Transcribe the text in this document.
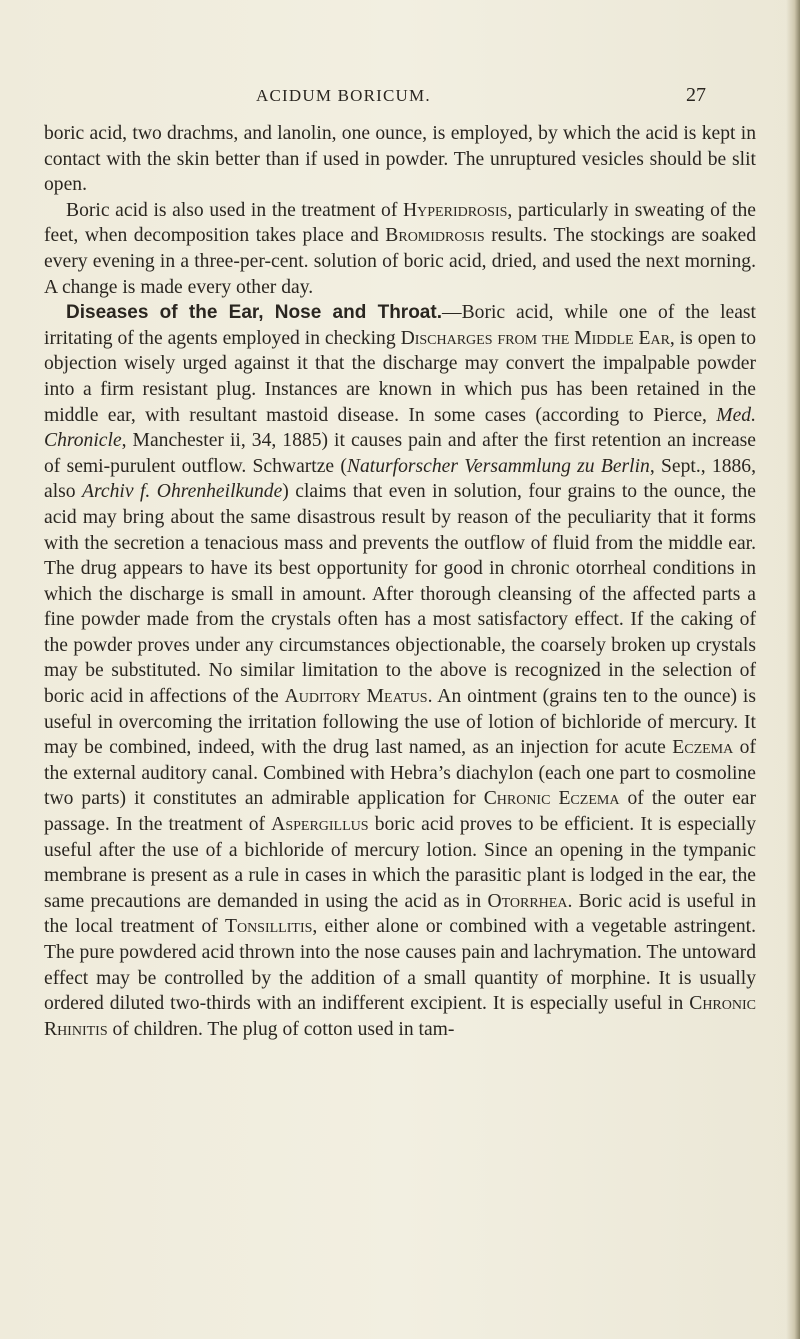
ACIDUM BORICUM.	27

boric acid, two drachms, and lanolin, one ounce, is employed, by which the acid is kept in contact with the skin better than if used in powder. The unruptured vesicles should be slit open.

Boric acid is also used in the treatment of Hyperidrosis, particularly in sweating of the feet, when decomposition takes place and Bromidrosis results. The stockings are soaked every evening in a three-per-cent. solution of boric acid, dried, and used the next morning. A change is made every other day.

Diseases of the Ear, Nose and Throat.—Boric acid, while one of the least irritating of the agents employed in checking Discharges from the Middle Ear, is open to objection wisely urged against it that the discharge may convert the impalpable powder into a firm resistant plug. Instances are known in which pus has been retained in the middle ear, with resultant mastoid disease. In some cases (according to Pierce, Med. Chronicle, Manchester ii, 34, 1885) it causes pain and after the first retention an increase of semi-purulent outflow. Schwartze (Naturforscher Versammlung zu Berlin, Sept., 1886, also Archiv f. Ohrenheilkunde) claims that even in solution, four grains to the ounce, the acid may bring about the same disastrous result by reason of the peculiarity that it forms with the secretion a tenacious mass and prevents the outflow of fluid from the middle ear. The drug appears to have its best opportunity for good in chronic otorrheal conditions in which the discharge is small in amount. After thorough cleansing of the affected parts a fine powder made from the crystals often has a most satisfactory effect. If the caking of the powder proves under any circumstances objectionable, the coarsely broken up crystals may be substituted. No similar limitation to the above is recognized in the selection of boric acid in affections of the Auditory Meatus. An ointment (grains ten to the ounce) is useful in overcoming the irritation following the use of lotion of bichloride of mercury. It may be combined, indeed, with the drug last named, as an injection for acute Eczema of the external auditory canal. Combined with Hebra’s diachylon (each one part to cosmoline two parts) it constitutes an admirable application for Chronic Eczema of the outer ear passage. In the treatment of Aspergillus boric acid proves to be efficient. It is especially useful after the use of a bichloride of mercury lotion. Since an opening in the tympanic membrane is present as a rule in cases in which the parasitic plant is lodged in the ear, the same precautions are demanded in using the acid as in Otorrhea. Boric acid is useful in the local treatment of Tonsillitis, either alone or combined with a vegetable astringent. The pure powdered acid thrown into the nose causes pain and lachrymation. The untoward effect may be controlled by the addition of a small quantity of morphine. It is usually ordered diluted two-thirds with an indifferent excipient. It is especially useful in Chronic Rhinitis of children. The plug of cotton used in tam-
